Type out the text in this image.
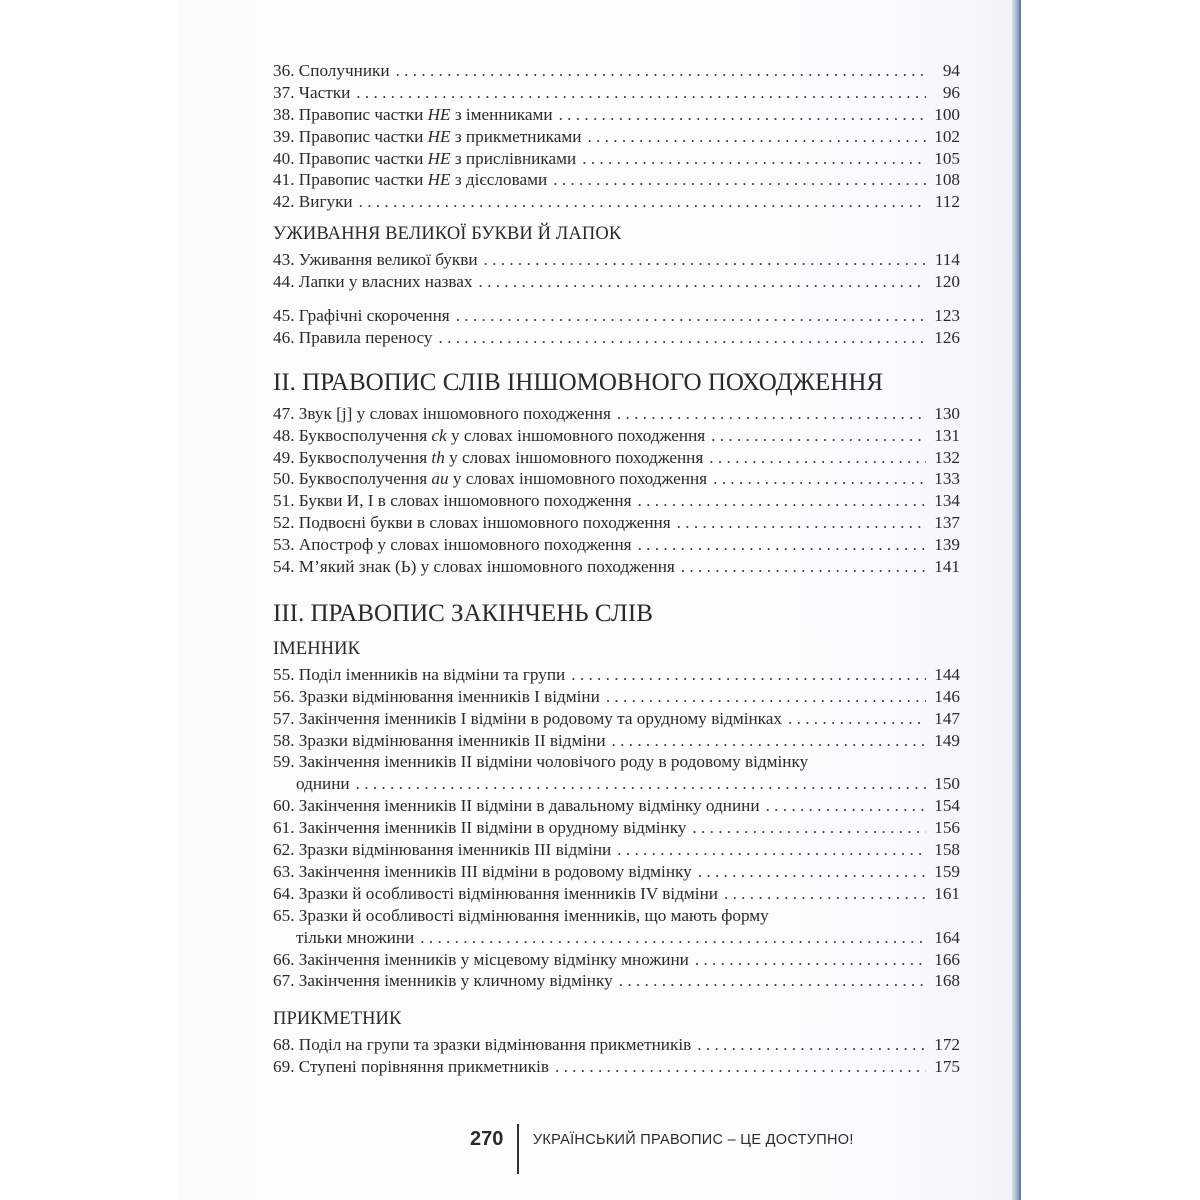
36. Сполучники . . .	94
37. Частки . . .	96
38. Правопис частки НЕ з іменниками . . .	100
39. Правопис частки НЕ з прикметниками . . .	102
40. Правопис частки НЕ з прислівниками . . .	105
41. Правопис частки НЕ з дієсловами . . .	108
42. Вигуки . . .	112
УЖИВАННЯ ВЕЛИКОЇ БУКВИ Й ЛАПОК
43. Уживання великої букви . . .	114
44. Лапки у власних назвах . . .	120
45. Графічні скорочення . . .	123
46. Правила переносу . . .	126
II. ПРАВОПИС СЛІВ ІНШОМОВНОГО ПОХОДЖЕННЯ
47. Звук [j] у словах іншомовного походження . . .	130
48. Буквосполучення ck у словах іншомовного походження . . .	131
49. Буквосполучення th у словах іншомовного походження . . .	132
50. Буквосполучення au у словах іншомовного походження . . .	133
51. Букви И, І в словах іншомовного походження . . .	134
52. Подвоєні букви в словах іншомовного походження . . .	137
53. Апостроф у словах іншомовного походження . . .	139
54. М’який знак (Ь) у словах іншомовного походження . . .	141
III. ПРАВОПИС ЗАКІНЧЕНЬ СЛІВ
ІМЕННИК
55. Поділ іменників на відміни та групи . . .	144
56. Зразки відмінювання іменників І відміни . . .	146
57. Закінчення іменників І відміни в родовому та орудному відмінках . . .	147
58. Зразки відмінювання іменників ІІ відміни . . .	149
59. Закінчення іменників ІІ відміни чоловічого роду в родовому відмінку
однини . . .	150
60. Закінчення іменників ІІ відміни в давальному відмінку однини . . .	154
61. Закінчення іменників ІІ відміни в орудному відмінку . . .	156
62. Зразки відмінювання іменників ІІІ відміни . . .	158
63. Закінчення іменників ІІІ відміни в родовому відмінку . . .	159
64. Зразки й особливості відмінювання іменників IV відміни . . .	161
65. Зразки й особливості відмінювання іменників, що мають форму
тільки множини . . .	164
66. Закінчення іменників у місцевому відмінку множини . . .	166
67. Закінчення іменників у кличному відмінку . . .	168
ПРИКМЕТНИК
68. Поділ на групи та зразки відмінювання прикметників . . .	172
69. Ступені порівняння прикметників . . .	175
270 УКРАЇНСЬКИЙ ПРАВОПИС – ЦЕ ДОСТУПНО!
